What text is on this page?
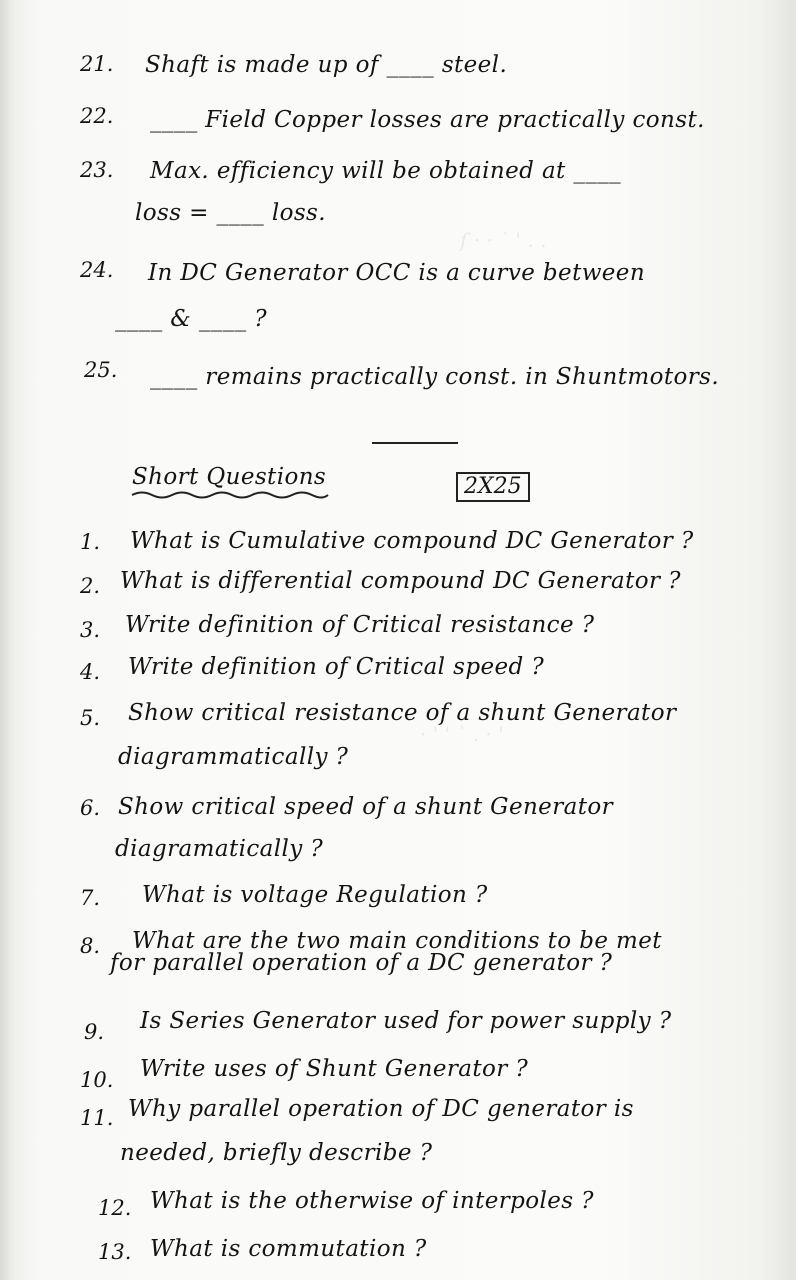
ſ · · ˋ ' . .
· ' ' ` . · '
21. Shaft is made up of ____ steel.
22. ____ Field Copper losses are practically const.
23. Max. efficiency will be obtained at ____
loss = ____ loss.
24. In DC Generator OCC is a curve between
____ & ____ ?
25. ____ remains practically const. in Shuntmotors.
Short Questions	2X25
1. What is Cumulative compound DC Generator ?
2. What is differential compound DC Generator ?
3. Write definition of Critical resistance ?
4. Write definition of Critical speed ?
5. Show critical resistance of a shunt Generator
diagrammatically ?
6. Show critical speed of a shunt Generator
diagramatically ?
7. What is voltage Regulation ?
8. What are the two main conditions to be met
for parallel operation of a DC generator ?
9. Is Series Generator used for power supply ?
10. Write uses of Shunt Generator ?
11. Why parallel operation of DC generator is
needed, briefly describe ?
12. What is the otherwise of interpoles ?
13. What is commutation ?
